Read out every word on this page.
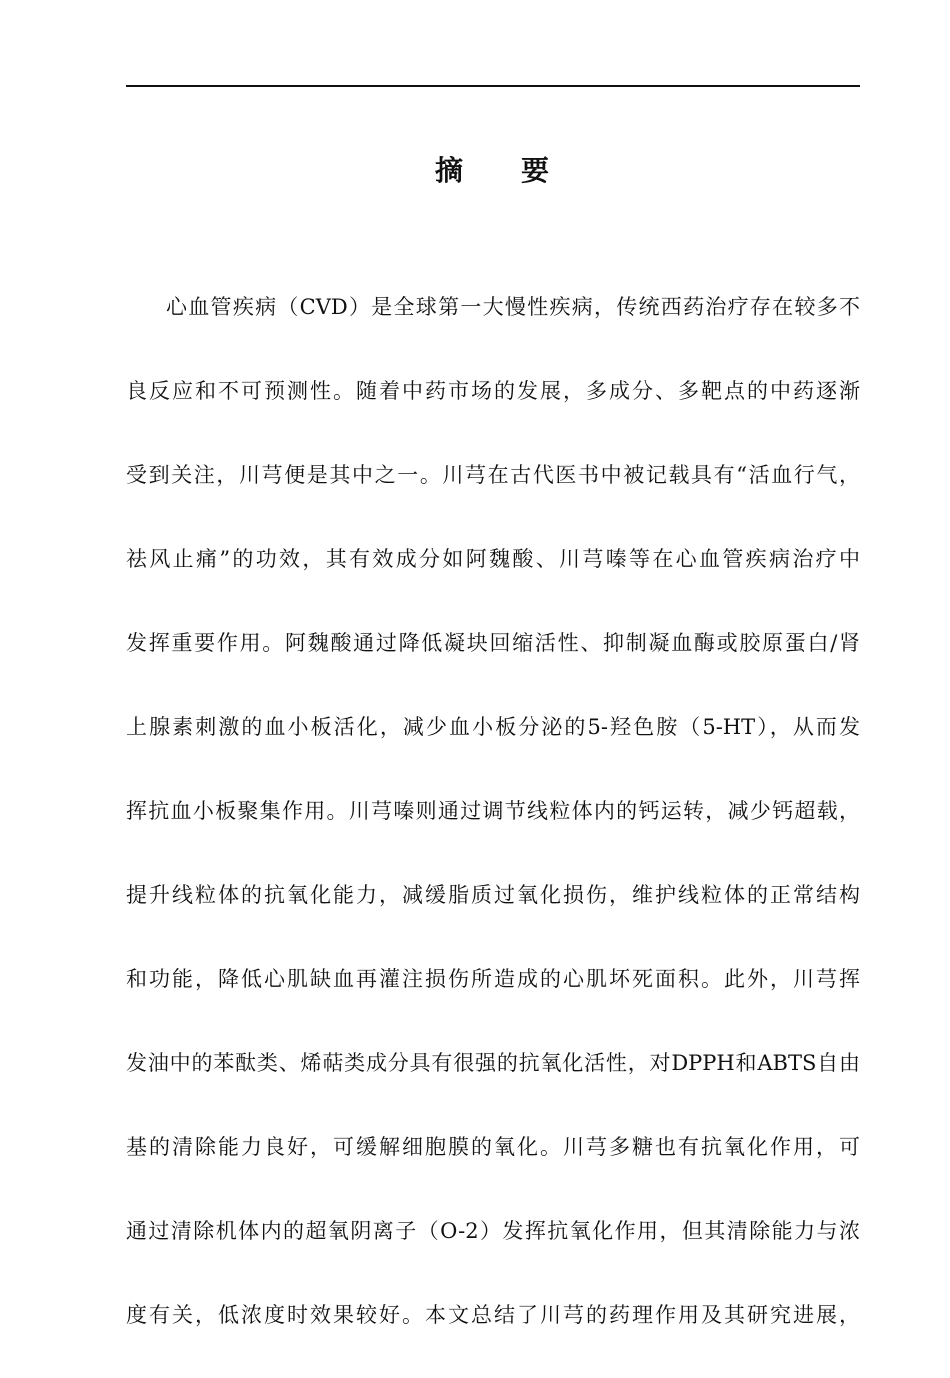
摘 要
心血管疾病（CVD）是全球第一大慢性疾病，传统西药治疗存在较多不
良反应和不可预测性。随着中药市场的发展，多成分、多靶点的中药逐渐
受到关注，川芎便是其中之一。川芎在古代医书中被记载具有“活血行气，
祛风止痛”的功效，其有效成分如阿魏酸、川芎嗪等在心血管疾病治疗中
发挥重要作用。阿魏酸通过降低凝块回缩活性、抑制凝血酶或胶原蛋白/肾
上腺素刺激的血小板活化，减少血小板分泌的5-羟色胺（5-HT），从而发
挥抗血小板聚集作用。川芎嗪则通过调节线粒体内的钙运转，减少钙超载，
提升线粒体的抗氧化能力，减缓脂质过氧化损伤，维护线粒体的正常结构
和功能，降低心肌缺血再灌注损伤所造成的心肌坏死面积。此外，川芎挥
发油中的苯酞类、烯萜类成分具有很强的抗氧化活性，对DPPH和ABTS自由
基的清除能力良好，可缓解细胞膜的氧化。川芎多糖也有抗氧化作用，可
通过清除机体内的超氧阴离子（O-2）发挥抗氧化作用，但其清除能力与浓
度有关，低浓度时效果较好。本文总结了川芎的药理作用及其研究进展，
